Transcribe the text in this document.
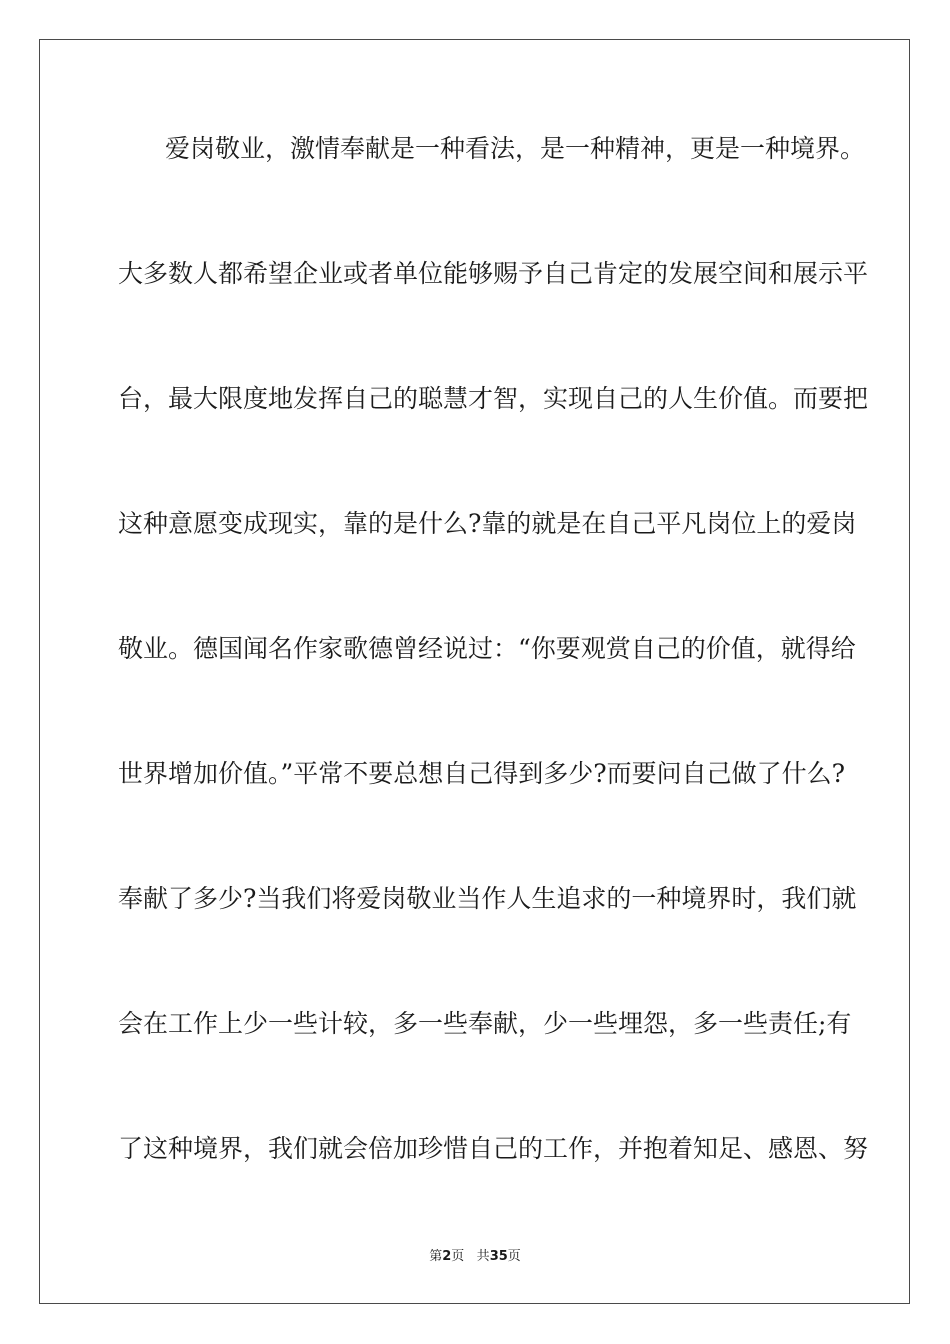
爱岗敬业，激情奉献是一种看法，是一种精神，更是一种境界。
大多数人都希望企业或者单位能够赐予自己肯定的发展空间和展示平
台，最大限度地发挥自己的聪慧才智，实现自己的人生价值。而要把
这种意愿变成现实，靠的是什么?靠的就是在自己平凡岗位上的爱岗
敬业。德国闻名作家歌德曾经说过：“你要观赏自己的价值，就得给
世界增加价值。”平常不要总想自己得到多少?而要问自己做了什么?
奉献了多少?当我们将爱岗敬业当作人生追求的一种境界时，我们就
会在工作上少一些计较，多一些奉献，少一些埋怨，多一些责任;有
了这种境界，我们就会倍加珍惜自己的工作，并抱着知足、感恩、努
第2页 共35页
